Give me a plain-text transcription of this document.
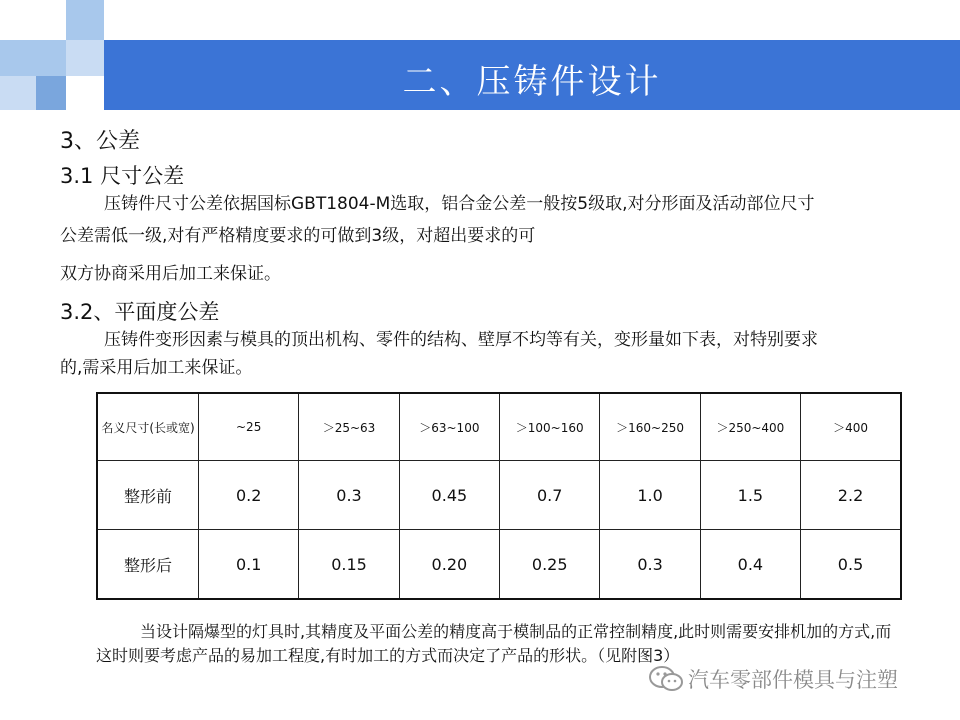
二、压铸件设计
3、公差
3.1 尺寸公差
压铸件尺寸公差依据国标GBT1804-M选取，铝合金公差一般按5级取,对分形面及活动部位尺寸公差需低一级,对有严格精度要求的可做到3级，对超出要求的可
双方协商采用后加工来保证。
3.2、平面度公差
压铸件变形因素与模具的顶出机构、零件的结构、壁厚不均等有关，变形量如下表，对特别要求的,需采用后加工来保证。
名义尺寸(长或宽)	~25	＞25~63	＞63~100	＞100~160	＞160~250	＞250~400	＞400
整形前	0.2	0.3	0.45	0.7	1.0	1.5	2.2
整形后	0.1	0.15	0.20	0.25	0.3	0.4	0.5
当设计隔爆型的灯具时,其精度及平面公差的精度高于模制品的正常控制精度,此时则需要安排机加的方式,而这时则要考虑产品的易加工程度,有时加工的方式而决定了产品的形状。（见附图3）
汽车零部件模具与注塑
